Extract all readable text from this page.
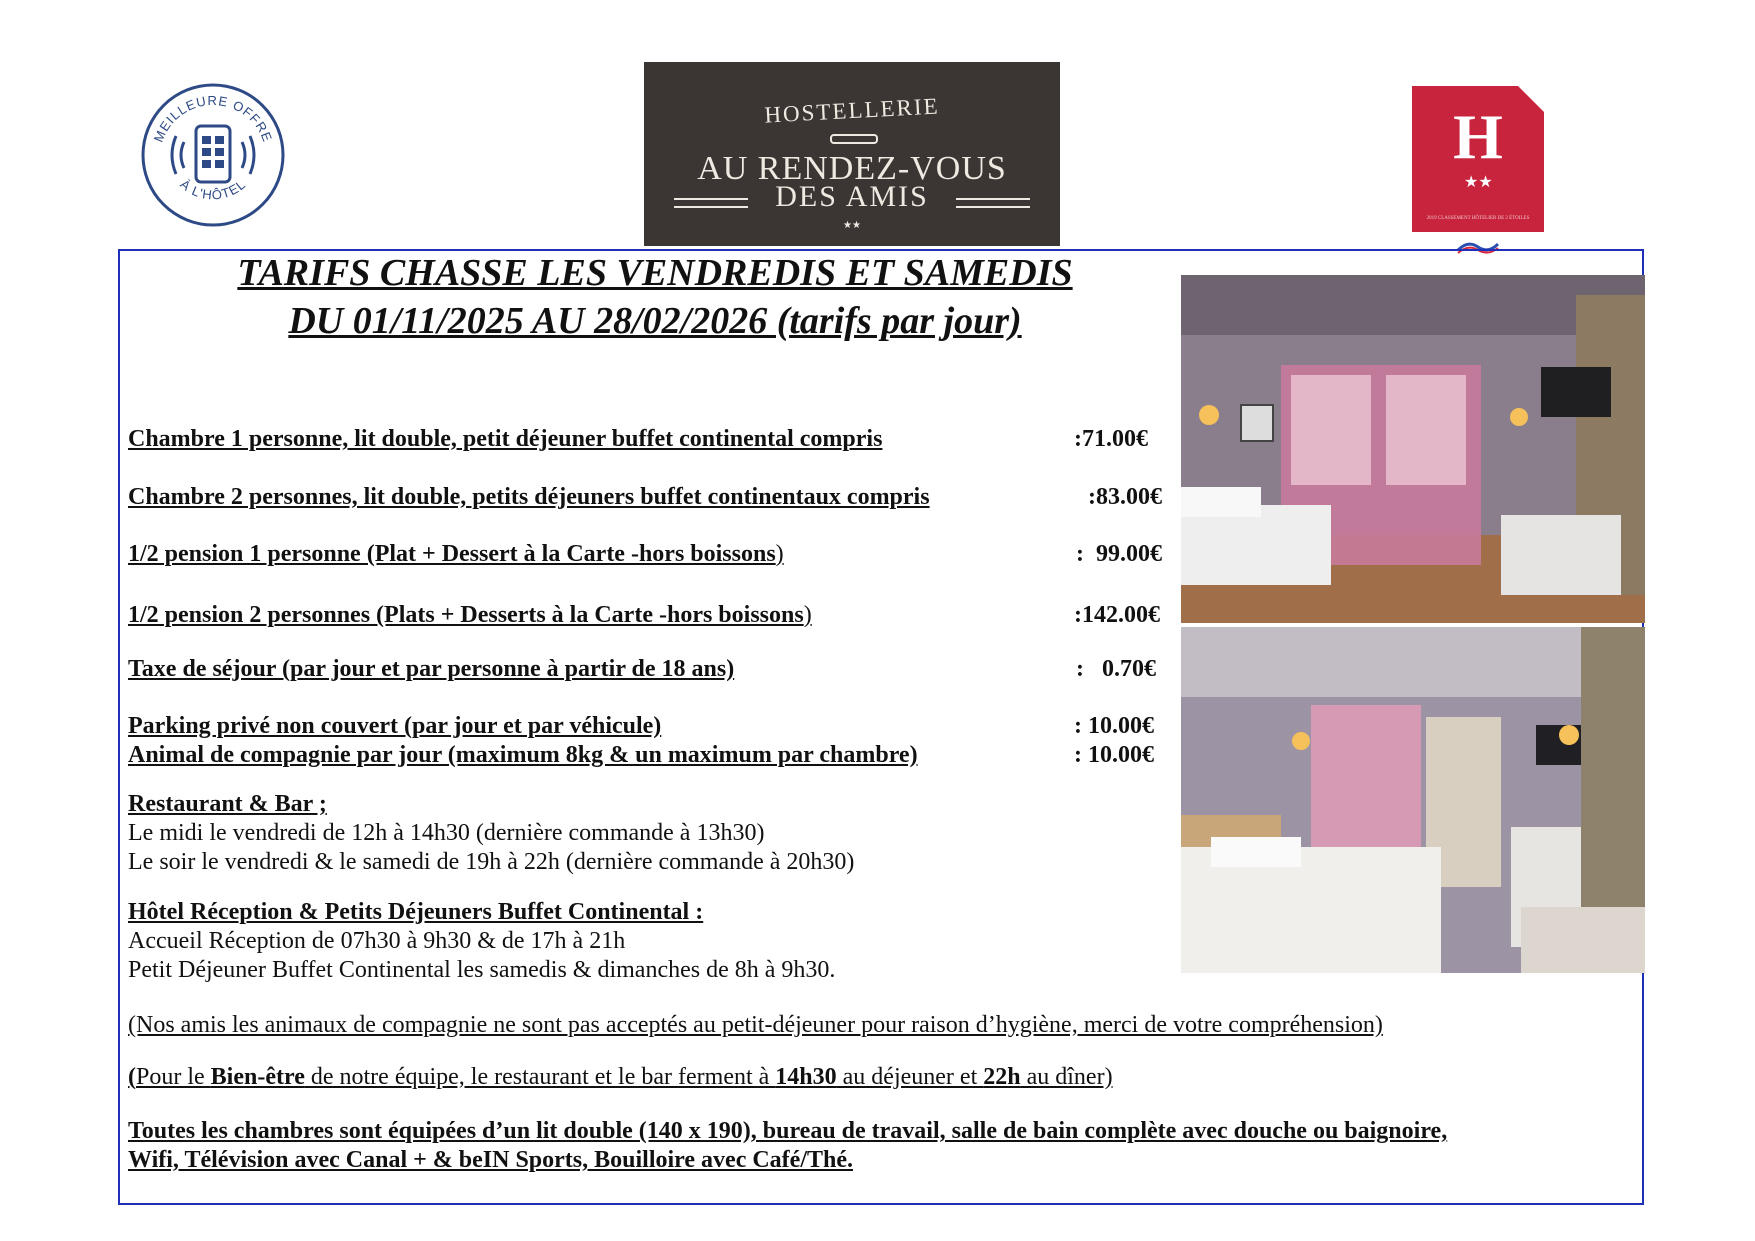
MEILLEURE OFFRE
À L'HÔTEL
HOSTELLERIE
AU RENDEZ-VOUS
DES AMIS
★★
H
★★
2019 CLASSEMENT HÔTELIER DE 2 ÉTOILES
TARIFS CHASSE LES VENDREDIS ET SAMEDIS
DU 01/11/2025 AU 28/02/2026 (tarifs par jour)
Chambre 1 personne, lit double, petit déjeuner buffet continental compris	:71.00€
Chambre 2 personnes, lit double, petits déjeuners buffet continentaux compris	:83.00€
1/2 pension 1 personne (Plat + Dessert à la Carte -hors boissons)	:  99.00€
1/2 pension 2 personnes (Plats + Desserts à la Carte -hors boissons)	:142.00€
Taxe de séjour (par jour et par personne à partir de 18 ans)	:   0.70€
Parking privé non couvert (par jour et par véhicule)	: 10.00€
Animal de compagnie par jour (maximum 8kg & un maximum par chambre)	: 10.00€
Restaurant & Bar ;
Le midi le vendredi de 12h à 14h30 (dernière commande à 13h30)
Le soir le vendredi & le samedi de 19h à 22h (dernière commande à 20h30)
Hôtel Réception & Petits Déjeuners Buffet Continental :
Accueil Réception de 07h30 à 9h30 & de 17h à 21h
Petit Déjeuner Buffet Continental les samedis & dimanches de 8h à 9h30.
(Nos amis les animaux de compagnie ne sont pas acceptés au petit-déjeuner pour raison d’hygiène, merci de votre compréhension)
(Pour le Bien-être de notre équipe, le restaurant et le bar ferment à 14h30 au déjeuner et 22h au dîner)
Toutes les chambres sont équipées d’un lit double (140 x 190), bureau de travail, salle de bain complète avec douche ou baignoire,
Wifi, Télévision avec Canal + & beIN Sports, Bouilloire avec Café/Thé.
